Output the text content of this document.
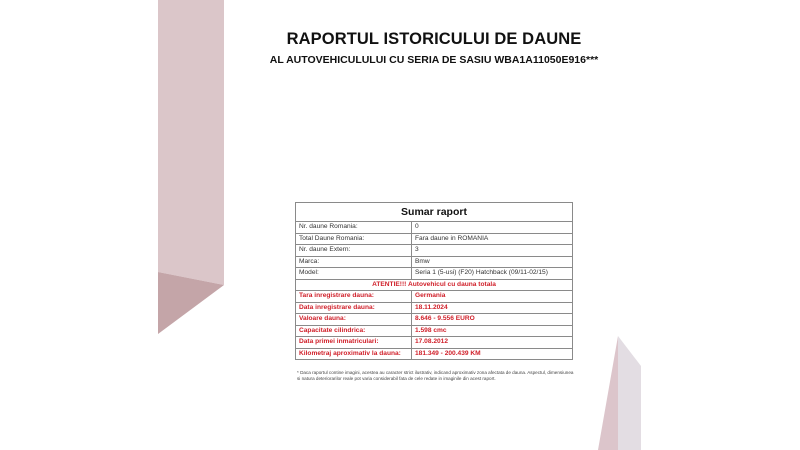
RAPORTUL ISTORICULUI DE DAUNE
AL AUTOVEHICULULUI CU SERIA DE SASIU WBA1A11050E916***
Sumar raport	
Nr. daune Romania:	0
Total Daune Romania:	Fara daune in ROMANIA
Nr. daune Extern:	3
Marca:	Bmw
Model:	Seria 1 (5-usi) (F20) Hatchback (09/11-02/15)
ATENTIE!!! Autovehicul cu dauna totala	
Tara inregistrare dauna:	Germania
Data inregistrare dauna:	18.11.2024
Valoare dauna:	8.646 - 9.556 EURO
Capacitate cilindrica:	1.598 cmc
Data primei inmatriculari:	17.08.2012
Kilometraj aproximativ la dauna:	181.349 - 200.439 KM
* Daca raportul contine imagini, acestea au caracter strict ilustrativ, indicand aproximativ zona afectata de dauna. Aspectul, dimensiunea si natura deteriorarilor reale pot varia considerabil fata de cele redate in imaginile din acest raport.
